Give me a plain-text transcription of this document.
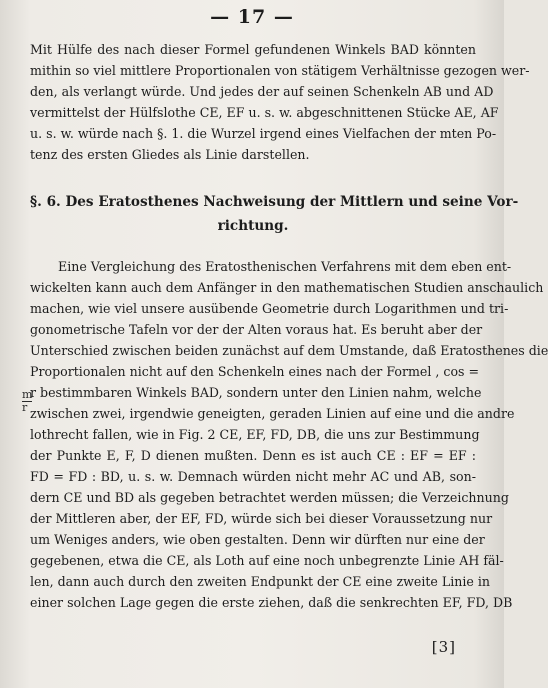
— 17 —
Mit Hülfe des nach dieser Formel gefundenen Winkels BAD könnten
mithin so viel mittlere Proportionalen von stätigem Verhältnisse gezogen wer-
den, als verlangt würde. Und jedes der auf seinen Schenkeln AB und AD
vermittelst der Hülfslothe CE, EF u. s. w. abgeschnittenen Stücke AE, AF
u. s. w. würde nach §. 1. die Wurzel irgend eines Vielfachen der mten Po-
tenz des ersten Gliedes als Linie darstellen.
§. 6. Des Eratosthenes Nachweisung der Mittlern und seine Vor-
richtung.
Eine Vergleichung des Eratosthenischen Verfahrens mit dem eben ent-
wickelten kann auch dem Anfänger in den mathematischen Studien anschaulich
machen, wie viel unsere ausübende Geometrie durch Logarithmen und tri-
gonometrische Tafeln vor der der Alten voraus hat. Es beruht aber der
Unterschied zwischen beiden zunächst auf dem Umstande, daß Eratosthenes die
Proportionalen nicht auf den Schenkeln eines nach der Formel , cos =
r bestimmbaren Winkels BAD, sondern unter den Linien nahm, welche
zwischen zwei, irgendwie geneigten, geraden Linien auf eine und die andre
lothrecht fallen, wie in Fig. 2 CE, EF, FD, DB, die uns zur Bestimmung
der Punkte E, F, D dienen mußten. Denn es ist auch CE : EF = EF :
FD = FD : BD, u. s. w. Demnach würden nicht mehr AC und AB, son-
dern CE und BD als gegeben betrachtet werden müssen; die Verzeichnung
der Mittleren aber, der EF, FD, würde sich bei dieser Voraussetzung nur
um Weniges anders, wie oben gestalten. Denn wir dürften nur eine der
gegebenen, etwa die CE, als Loth auf eine noch unbegrenzte Linie AH fäl-
len, dann auch durch den zweiten Endpunkt der CE eine zweite Linie in
einer solchen Lage gegen die erste ziehen, daß die senkrechten EF, FD, DB
m
r
[3]
